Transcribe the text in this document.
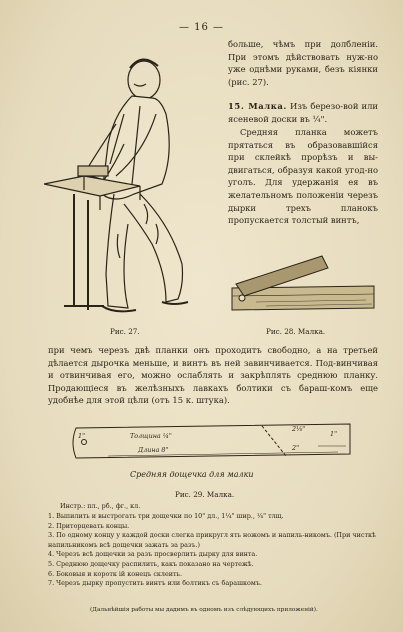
— 16 —
Рис. 27.
больше, чѣмъ при долбленіи. При этомъ дѣйствовать нуж-но уже однѣми руками, безъ кіянки (рис. 27).
15. Малка. Изъ березо-вой или ясеневой доски въ ¼".
Средняя планка можетъ прятаться въ образовавшійся при склейкѣ прорѣзъ и вы-двигаться, образуя какой угод-но уголъ. Для удержанія ея въ желательномъ положеніи черезъ дырки трехъ планокъ пропускается толстый винтъ,
Рис. 28. Малка.
при чемъ черезъ двѣ планки онъ проходитъ свободно, а на третьей дѣлается дырочка меньше, и винтъ въ ней завинчивается. Под-винчивая и отвинчивая его, можно ослаблять и закрѣплять среднюю планку. Продающіеся въ желѣзныхъ лавкахъ болтики съ бараш-комъ еще удобнѣе для этой цѣли (отъ 15 к. штука).
1"	Толщина ¼"
Длина 8"
2⅛"
2"
1"
Средняя дощечка для малки
Рис. 29. Малка.
Инстр.: пл., рб., фг., кл.
1. Выпилить и выстрогать три дощечки по 10" дл., 1¼" шир., ¼" тлщ.
2. Приторцевать концы.
3. По одному концу у каждой доски слегка прикругл ять ножомъ и напиль-никомъ. (При чисткѣ напильникомъ всѣ дощечки зажать за разъ.)
4. Черезъ всѣ дощечки за разъ просверлить дырку для винта.
5. Среднюю дощечку распилить, какъ показано на чертежѣ.
6. Боковыя и коротк ій конецъ склеить.
7. Черезъ дырку пропустить винтъ или болтикъ съ барашкомъ.
(Дальнѣйшія работы мы дадимъ въ одномъ изъ слѣдующихъ приложеній).
